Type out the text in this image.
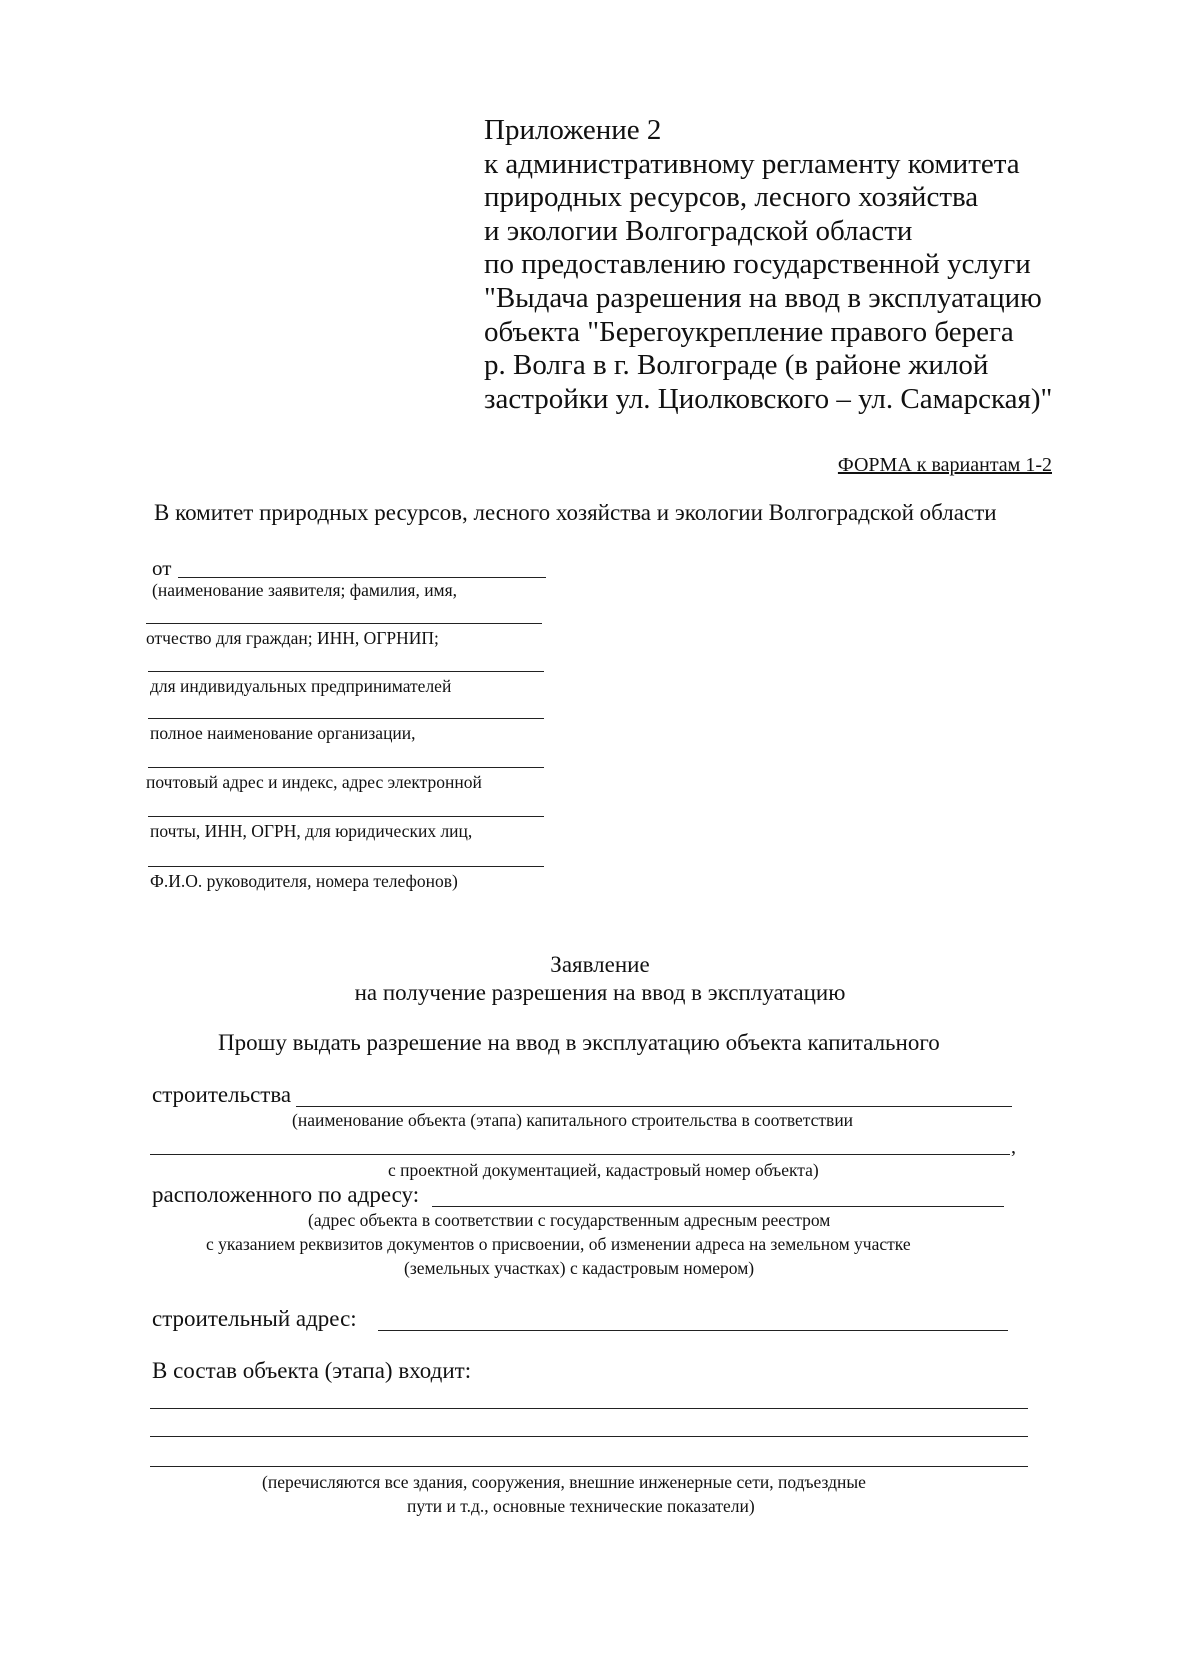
Приложение 2
к административному регламенту комитета
природных ресурсов, лесного хозяйства
и экологии Волгоградской области
по предоставлению государственной услуги
"Выдача разрешения на ввод в эксплуатацию
объекта "Берегоукрепление правого берега
р. Волга в г. Волгограде (в районе жилой
застройки ул. Циолковского – ул. Самарская)"
ФОРМА к вариантам 1-2
В комитет природных ресурсов, лесного хозяйства и экологии Волгоградской области
от
(наименование заявителя; фамилия, имя,
отчество для граждан; ИНН, ОГРНИП;
для индивидуальных предпринимателей
полное наименование организации,
почтовый адрес и индекс, адрес электронной
почты, ИНН, ОГРН, для юридических лиц,
Ф.И.О. руководителя, номера телефонов)
Заявление
на получение разрешения на ввод в эксплуатацию
Прошу выдать разрешение на ввод в эксплуатацию объекта капитального
строительства
(наименование объекта (этапа) капитального строительства в соответствии
,
с проектной документацией, кадастровый номер объекта)
расположенного по адресу:
(адрес объекта в соответствии с государственным адресным реестром
с указанием реквизитов документов о присвоении, об изменении адреса на земельном участке
(земельных участках) с кадастровым номером)
строительный адрес:
В состав объекта (этапа) входит:
(перечисляются все здания, сооружения, внешние инженерные сети, подъездные
пути и т.д., основные технические показатели)
